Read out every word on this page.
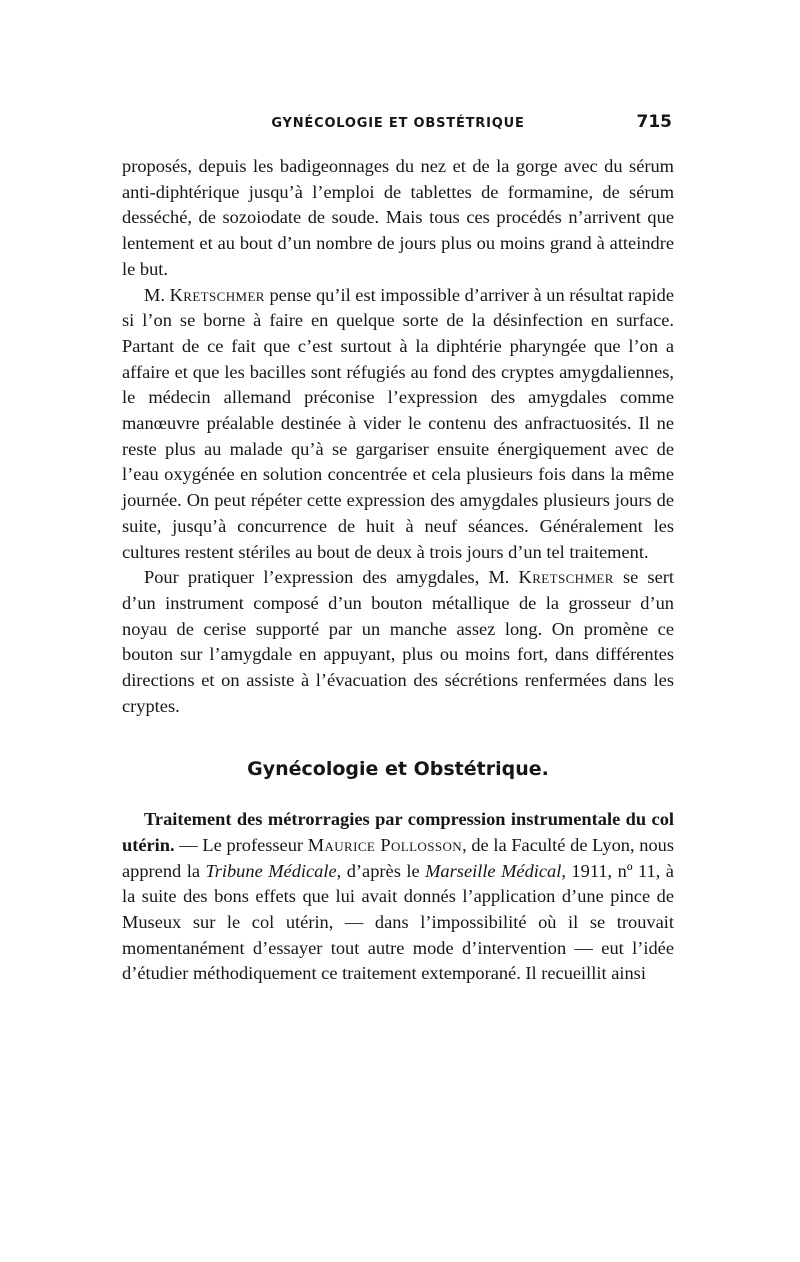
GYNÉCOLOGIE ET OBSTÉTRIQUE	715

proposés, depuis les badigeonnages du nez et de la gorge avec du sérum anti-diphtérique jusqu’à l’emploi de tablettes de formamine, de sérum desséché, de sozoiodate de soude. Mais tous ces procédés n’arrivent que lentement et au bout d’un nombre de jours plus ou moins grand à atteindre le but.

M. Kretschmer pense qu’il est impossible d’arriver à un résultat rapide si l’on se borne à faire en quelque sorte de la désinfection en surface. Partant de ce fait que c’est surtout à la diphtérie pharyngée que l’on a affaire et que les bacilles sont réfugiés au fond des cryptes amygdaliennes, le médecin allemand préconise l’expression des amygdales comme manœuvre préalable destinée à vider le contenu des anfractuosités. Il ne reste plus au malade qu’à se gargariser ensuite énergiquement avec de l’eau oxygénée en solution concentrée et cela plusieurs fois dans la même journée. On peut répéter cette expression des amygdales plusieurs jours de suite, jusqu’à concurrence de huit à neuf séances. Généralement les cultures restent stériles au bout de deux à trois jours d’un tel traitement.

Pour pratiquer l’expression des amygdales, M. Kretschmer se sert d’un instrument composé d’un bouton métallique de la grosseur d’un noyau de cerise supporté par un manche assez long. On promène ce bouton sur l’amygdale en appuyant, plus ou moins fort, dans différentes directions et on assiste à l’évacuation des sécrétions renfermées dans les cryptes.

Gynécologie et Obstétrique.

Traitement des métrorragies par compression instrumentale du col utérin. — Le professeur Maurice Pollosson, de la Faculté de Lyon, nous apprend la Tribune Médicale, d’après le Marseille Médical, 1911, nº 11, à la suite des bons effets que lui avait donnés l’application d’une pince de Museux sur le col utérin, — dans l’impossibilité où il se trouvait momentanément d’essayer tout autre mode d’intervention — eut l’idée d’étudier méthodiquement ce traitement extemporané. Il recueillit ainsi
